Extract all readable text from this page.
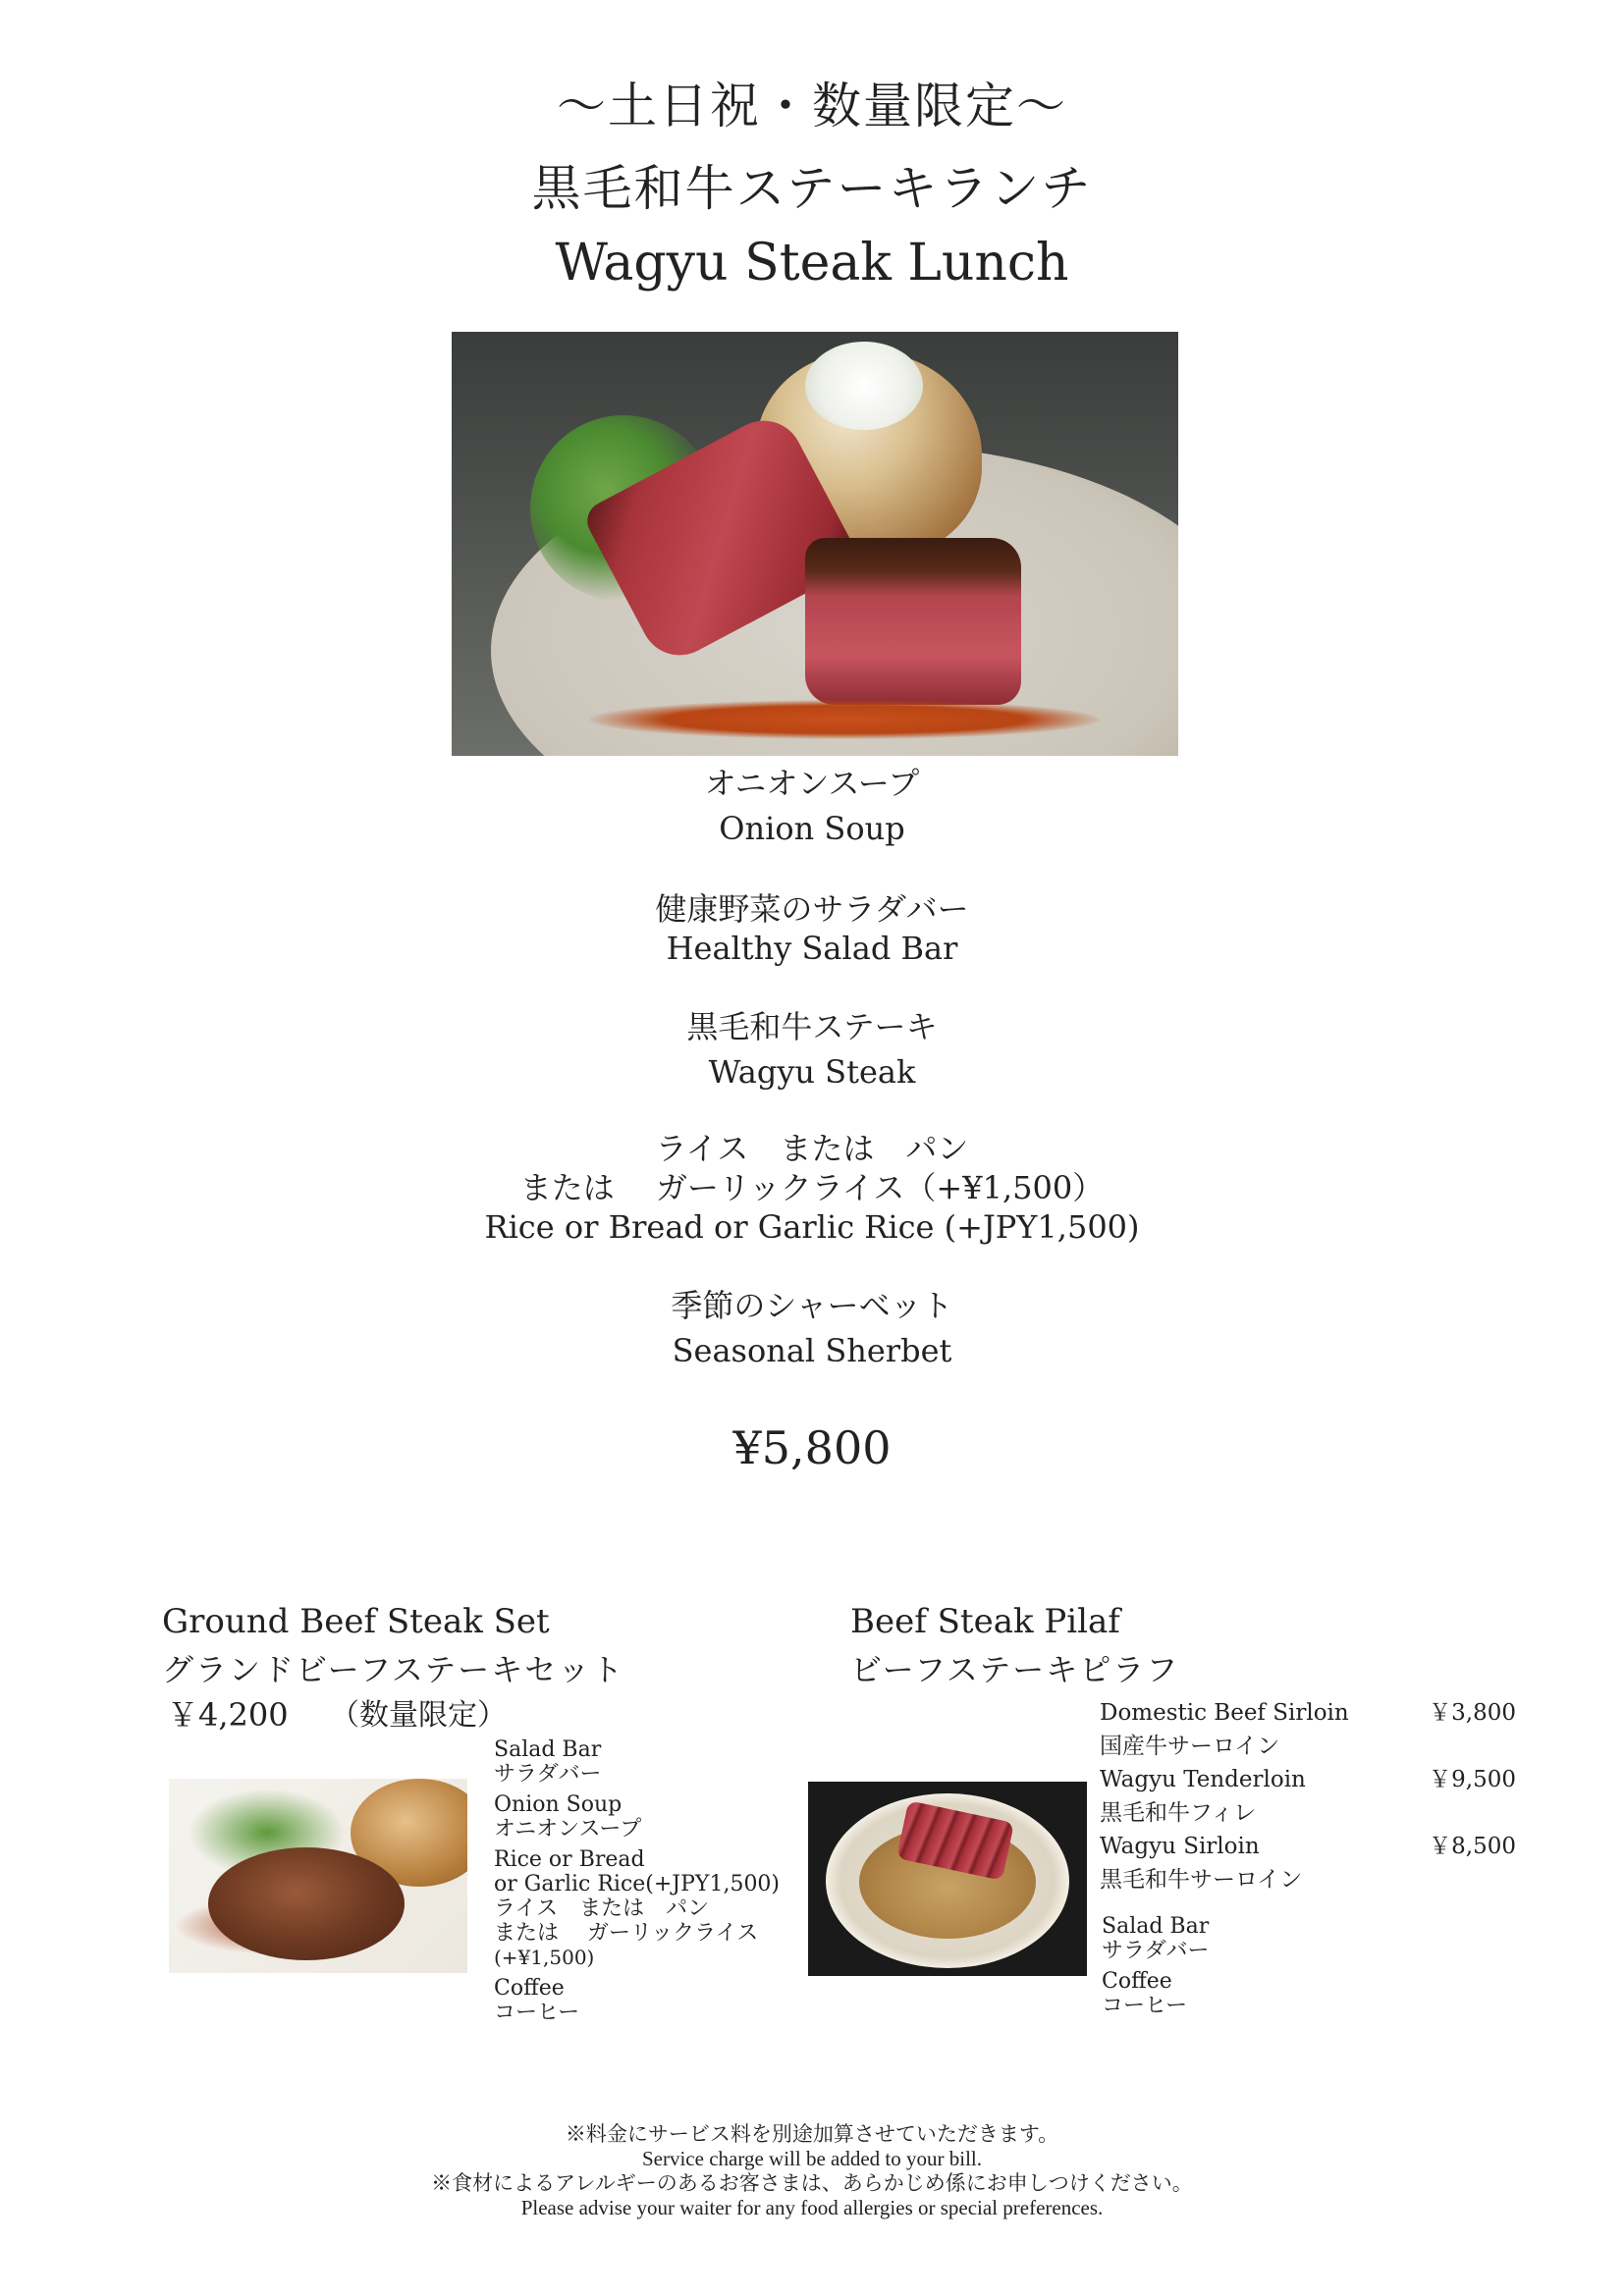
〜土日祝・数量限定〜
黒毛和牛ステーキランチ
Wagyu Steak Lunch
オニオンスープ
Onion Soup
健康野菜のサラダバー
Healthy Salad Bar
黒毛和牛ステーキ
Wagyu Steak
ライス　または　パン
または　 ガーリックライス（+¥1,500）
Rice or Bread or Garlic Rice (+JPY1,500)
季節のシャーベット
Seasonal Sherbet
¥5,800
Ground Beef Steak Set
グランドビーフステーキセット
￥4,200 （数量限定）
Salad Bar
サラダバー
Onion Soup
オニオンスープ
Rice or Bread
or Garlic Rice(+JPY1,500)
ライス　または　パン
または　 ガーリックライス
(+¥1,500)
Coffee
コーヒー
Beef Steak Pilaf
ビーフステーキピラフ
Domestic Beef Sirloin	￥3,800
国産牛サーロイン
Wagyu Tenderloin	￥9,500
黒毛和牛フィレ
Wagyu Sirloin	￥8,500
黒毛和牛サーロイン
Salad Bar
サラダバー
Coffee
コーヒー
※料金にサービス料を別途加算させていただきます。
Service charge will be added to your bill.
※食材によるアレルギーのあるお客さまは、あらかじめ係にお申しつけください。
Please advise your waiter for any food allergies or special preferences.
